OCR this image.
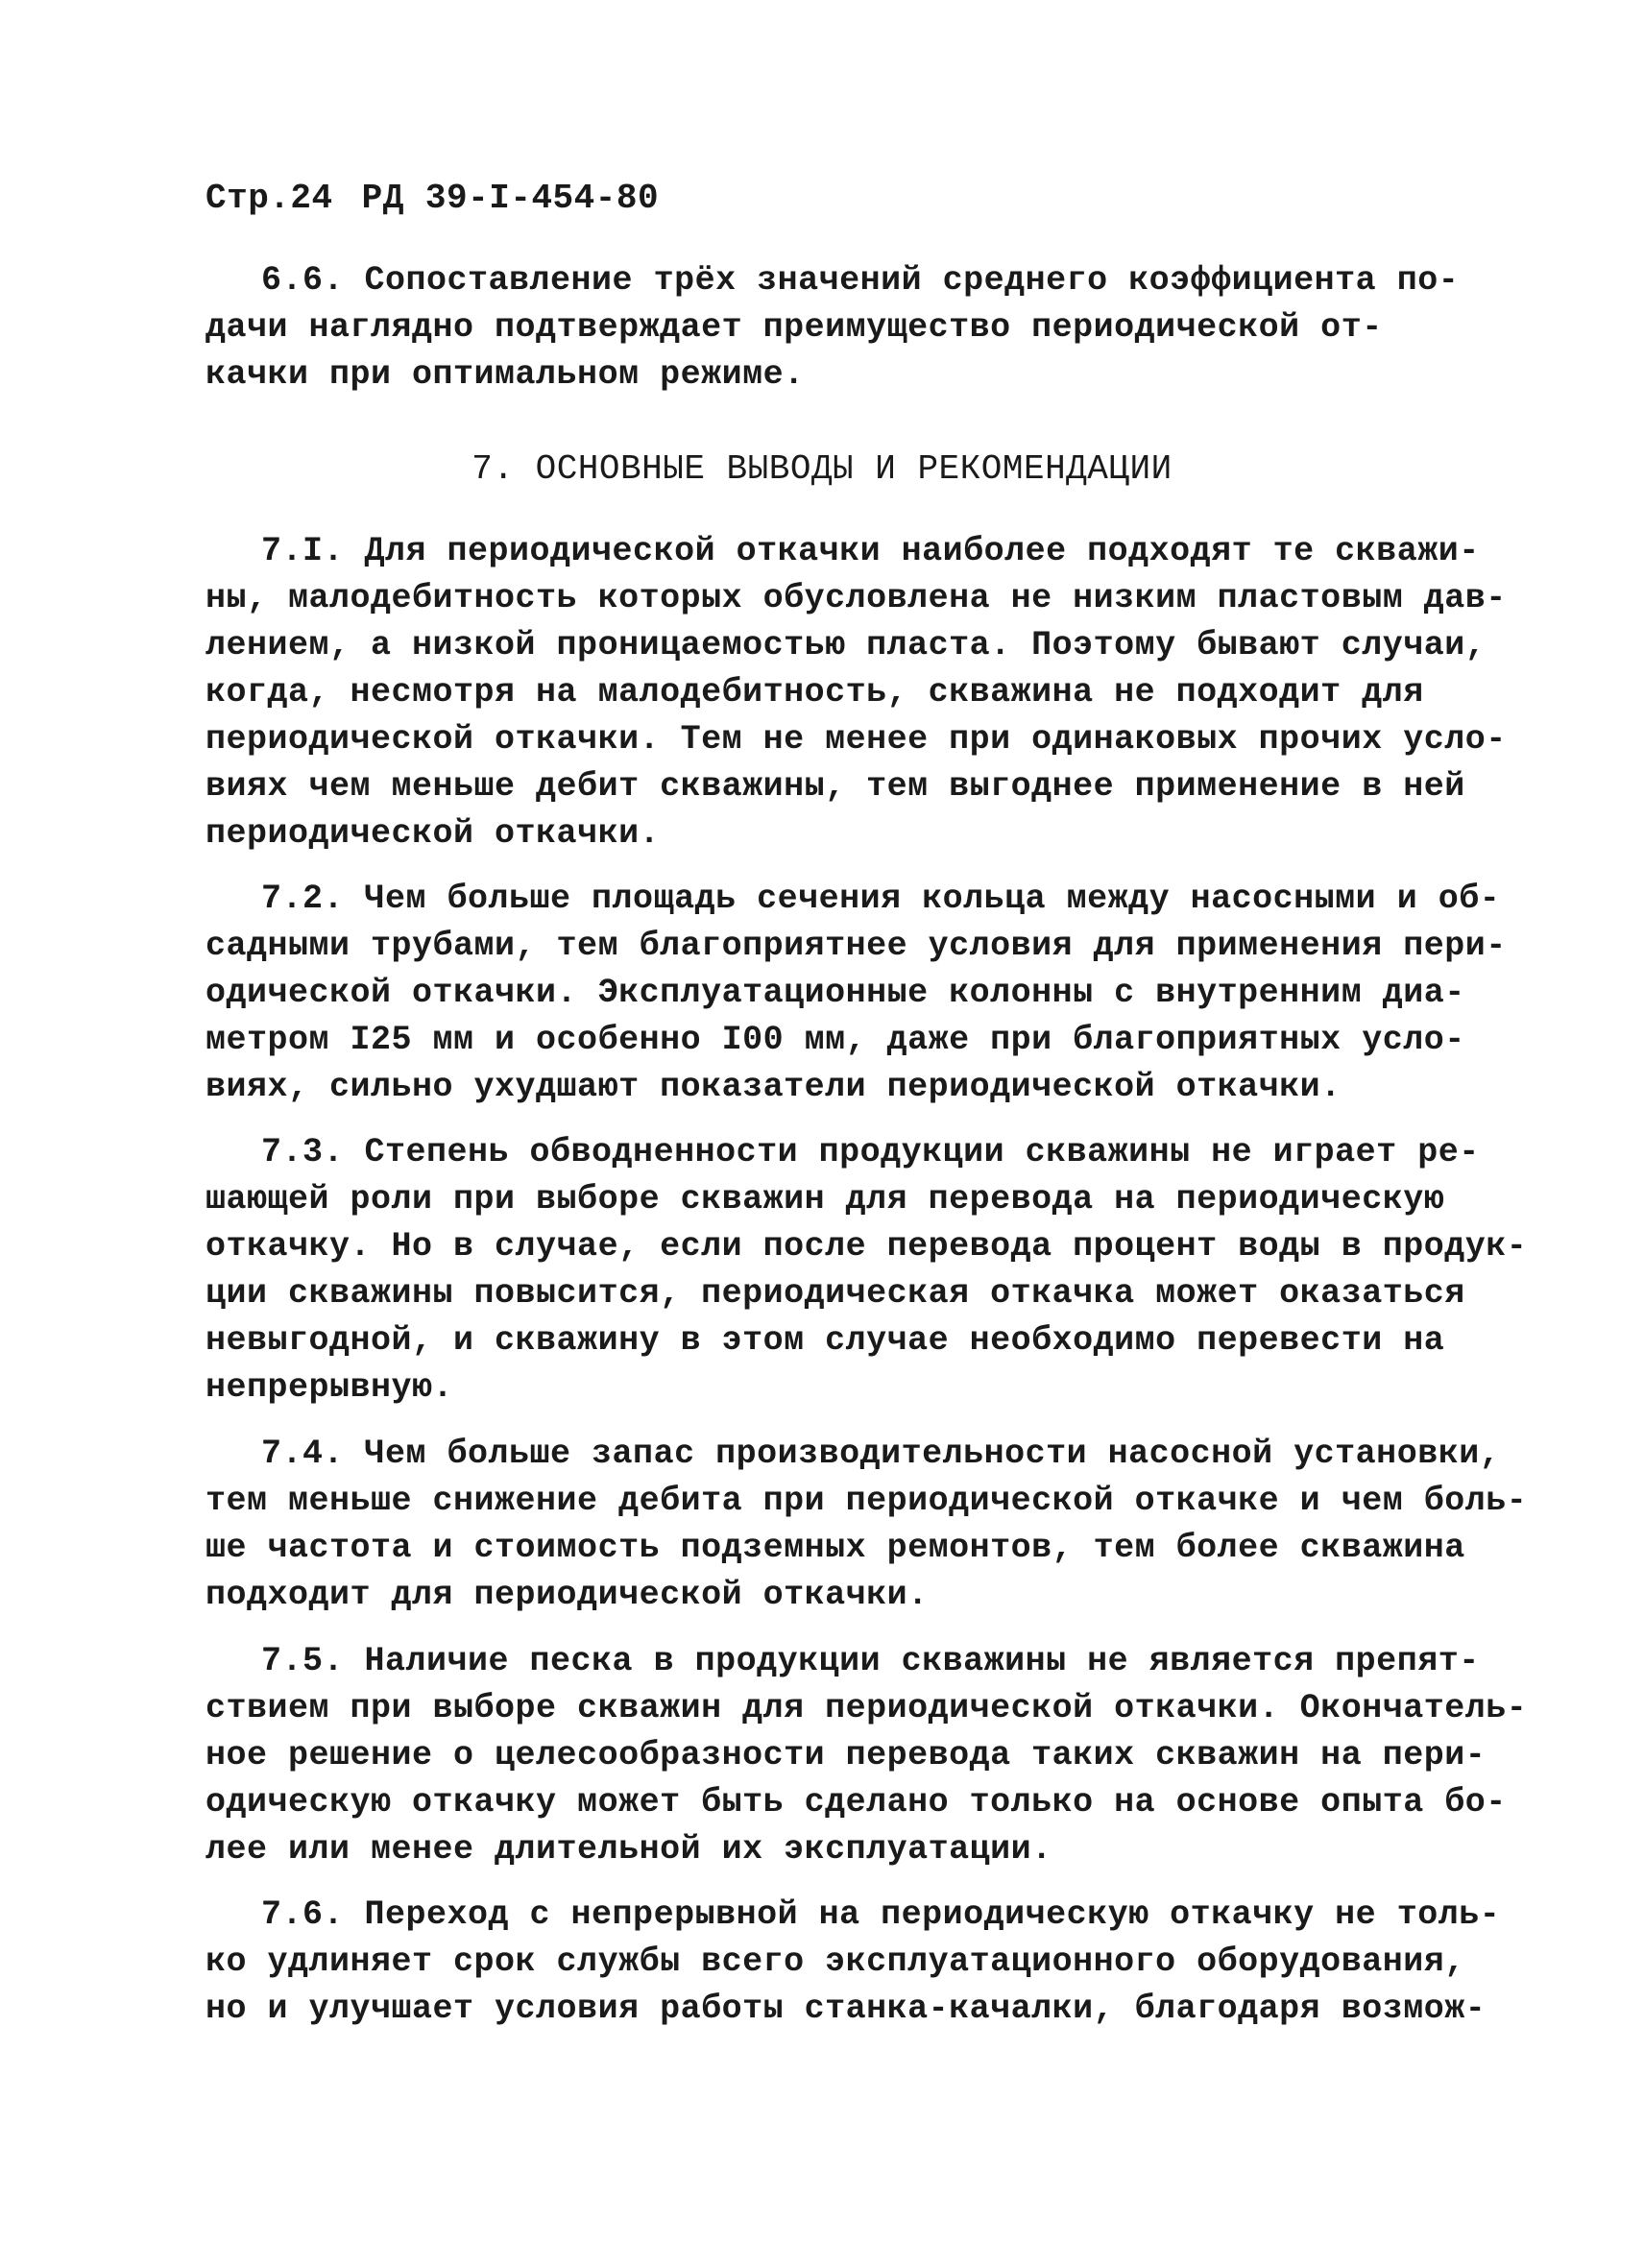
Стр.24 РД 39-I-454-80
7. ОСНОВНЫЕ ВЫВОДЫ И РЕКОМЕНДАЦИИ
6.6. Сопоставление трёх значений среднего коэффициента по-
дачи наглядно подтверждает преимущество периодической от-
качки при оптимальном режиме.
7.I. Для периодической откачки наиболее подходят те скважи-
ны, малодебитность которых обусловлена не низким пластовым дав-
лением, а низкой проницаемостью пласта. Поэтому бывают случаи,
когда, несмотря на малодебитность, скважина не подходит для
периодической откачки. Тем не менее при одинаковых прочих усло-
виях чем меньше дебит скважины, тем выгоднее применение в ней
периодической откачки.
7.2. Чем больше площадь сечения кольца между насосными и об-
садными трубами, тем благоприятнее условия для применения пери-
одической откачки. Эксплуатационные колонны с внутренним диа-
метром I25 мм и особенно I00 мм, даже при благоприятных усло-
виях, сильно ухудшают показатели периодической откачки.
7.3. Степень обводненности продукции скважины не играет ре-
шающей роли при выборе скважин для перевода на периодическую
откачку. Но в случае, если после перевода процент воды в продук-
ции скважины повысится, периодическая откачка может оказаться
невыгодной, и скважину в этом случае необходимо перевести на
непрерывную.
7.4. Чем больше запас производительности насосной установки,
тем меньше снижение дебита при периодической откачке и чем боль-
ше частота и стоимость подземных ремонтов, тем более скважина
подходит для периодической откачки.
7.5. Наличие песка в продукции скважины не является препят-
ствием при выборе скважин для периодической откачки. Окончатель-
ное решение о целесообразности перевода таких скважин на пери-
одическую откачку может быть сделано только на основе опыта бо-
лее или менее длительной их эксплуатации.
7.6. Переход с непрерывной на периодическую откачку не толь-
ко удлиняет срок службы всего эксплуатационного оборудования,
но и улучшает условия работы станка-качалки, благодаря возмож-
